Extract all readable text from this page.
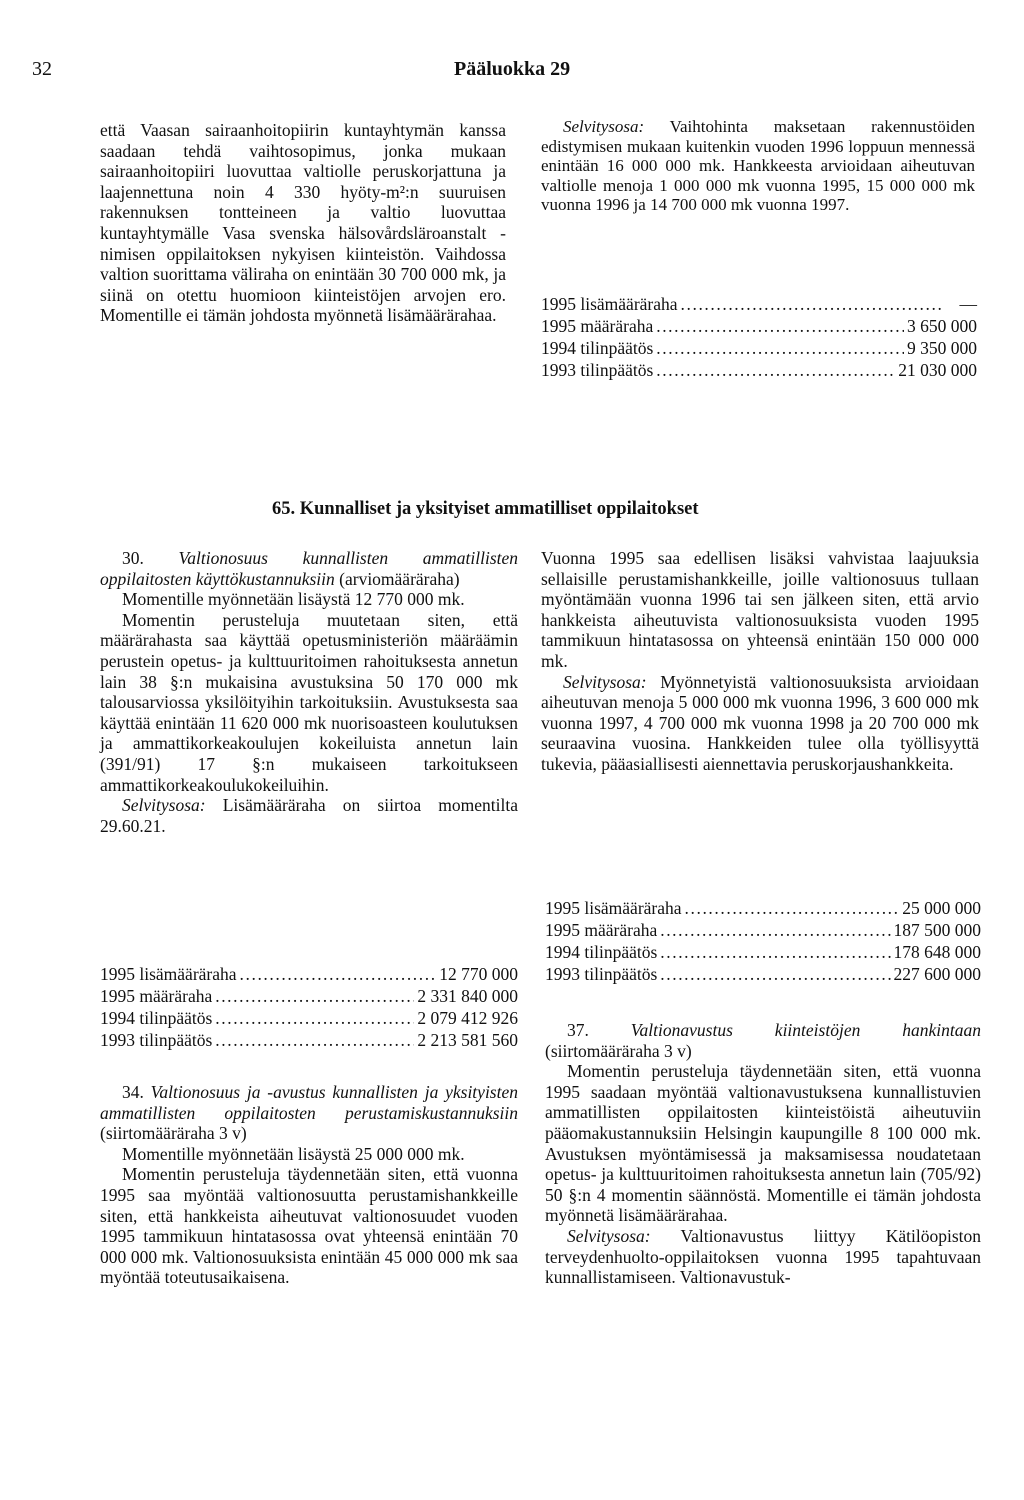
32	Pääluokka 29

että Vaasan sairaanhoitopiirin kuntayhtymän kanssa saadaan tehdä vaihtosopimus, jonka mukaan sairaanhoitopiiri luovuttaa valtiolle peruskorjattuna ja laajennettuna noin 4 330 hyöty-m²:n suuruisen rakennuksen tontteineen ja valtio luovuttaa kuntayhtymälle Vasa svenska hälsovårdsläroanstalt -nimisen oppilaitoksen nykyisen kiinteistön. Vaihdossa valtion suorittama väliraha on enintään 30 700 000 mk, ja siinä on otettu huomioon kiinteistöjen arvojen ero. Momentille ei tämän johdosta myönnetä lisämäärärahaa.

Selvitysosa: Vaihtohinta maksetaan rakennustöiden edistymisen mukaan kuitenkin vuoden 1996 loppuun mennessä enintään 16 000 000 mk. Hankkeesta arvioidaan aiheutuvan valtiolle menoja 1 000 000 mk vuonna 1995, 15 000 000 mk vuonna 1996 ja 14 700 000 mk vuonna 1997.

1995 lisämääräraha .....	—
1995 määräraha .....	3 650 000
1994 tilinpäätös .....	9 350 000
1993 tilinpäätös .....	21 030 000
65. Kunnalliset ja yksityiset ammatilliset oppilaitokset

30. Valtionosuus kunnallisten ammatillisten oppilaitosten käyttökustannuksiin (arviomääräraha)

Momentille myönnetään lisäystä 12 770 000 mk.

Momentin perusteluja muutetaan siten, että määrärahasta saa käyttää opetusministeriön määräämin perustein opetus- ja kulttuuritoimen rahoituksesta annetun lain 38 §:n mukaisina avustuksina 50 170 000 mk talousarviossa yksilöityihin tarkoituksiin. Avustuksesta saa käyttää enintään 11 620 000 mk nuorisoasteen koulutuksen ja ammattikorkeakoulujen kokeiluista annetun lain (391/91) 17 §:n mukaiseen tarkoitukseen ammattikorkeakoulukokeiluihin.

Selvitysosa: Lisämääräraha on siirtoa momentilta 29.60.21.

1995 lisämääräraha .....	12 770 000
1995 määräraha .....	2 331 840 000
1994 tilinpäätös .....	2 079 412 926
1993 tilinpäätös .....	2 213 581 560

34. Valtionosuus ja -avustus kunnallisten ja yksityisten ammatillisten oppilaitosten perustamiskustannuksiin (siirtomääräraha 3 v)

Momentille myönnetään lisäystä 25 000 000 mk.

Momentin perusteluja täydennetään siten, että vuonna 1995 saa myöntää valtionosuutta perustamishankkeille siten, että hankkeista aiheutuvat valtionosuudet vuoden 1995 tammikuun hintatasossa ovat yhteensä enintään 70 000 000 mk. Valtionosuuksista enintään 45 000 000 mk saa myöntää toteutusaikaisena.

Vuonna 1995 saa edellisen lisäksi vahvistaa laajuuksia sellaisille perustamishankkeille, joille valtionosuus tullaan myöntämään vuonna 1996 tai sen jälkeen siten, että arvio hankkeista aiheutuvista valtionosuuksista vuoden 1995 tammikuun hintatasossa on yhteensä enintään 150 000 000 mk.

Selvitysosa: Myönnetyistä valtionosuuksista arvioidaan aiheutuvan menoja 5 000 000 mk vuonna 1996, 3 600 000 mk vuonna 1997, 4 700 000 mk vuonna 1998 ja 20 700 000 mk seuraavina vuosina. Hankkeiden tulee olla työllisyyttä tukevia, pääasiallisesti aiennettavia peruskorjaushankkeita.

1995 lisämääräraha .....	25 000 000
1995 määräraha .....	187 500 000
1994 tilinpäätös .....	178 648 000
1993 tilinpäätös .....	227 600 000

37. Valtionavustus kiinteistöjen hankintaan (siirtomääräraha 3 v)

Momentin perusteluja täydennetään siten, että vuonna 1995 saadaan myöntää valtionavustuksena kunnallistuvien ammatillisten oppilaitosten kiinteistöistä aiheutuviin pääomakustannuksiin Helsingin kaupungille 8 100 000 mk. Avustuksen myöntämisessä ja maksamisessa noudatetaan opetus- ja kulttuuritoimen rahoituksesta annetun lain (705/92) 50 §:n 4 momentin säännöstä. Momentille ei tämän johdosta myönnetä lisämäärärahaa.

Selvitysosa: Valtionavustus liittyy Kätilöopiston terveydenhuolto-oppilaitoksen vuonna 1995 tapahtuvaan kunnallistamiseen. Valtionavustuk-
